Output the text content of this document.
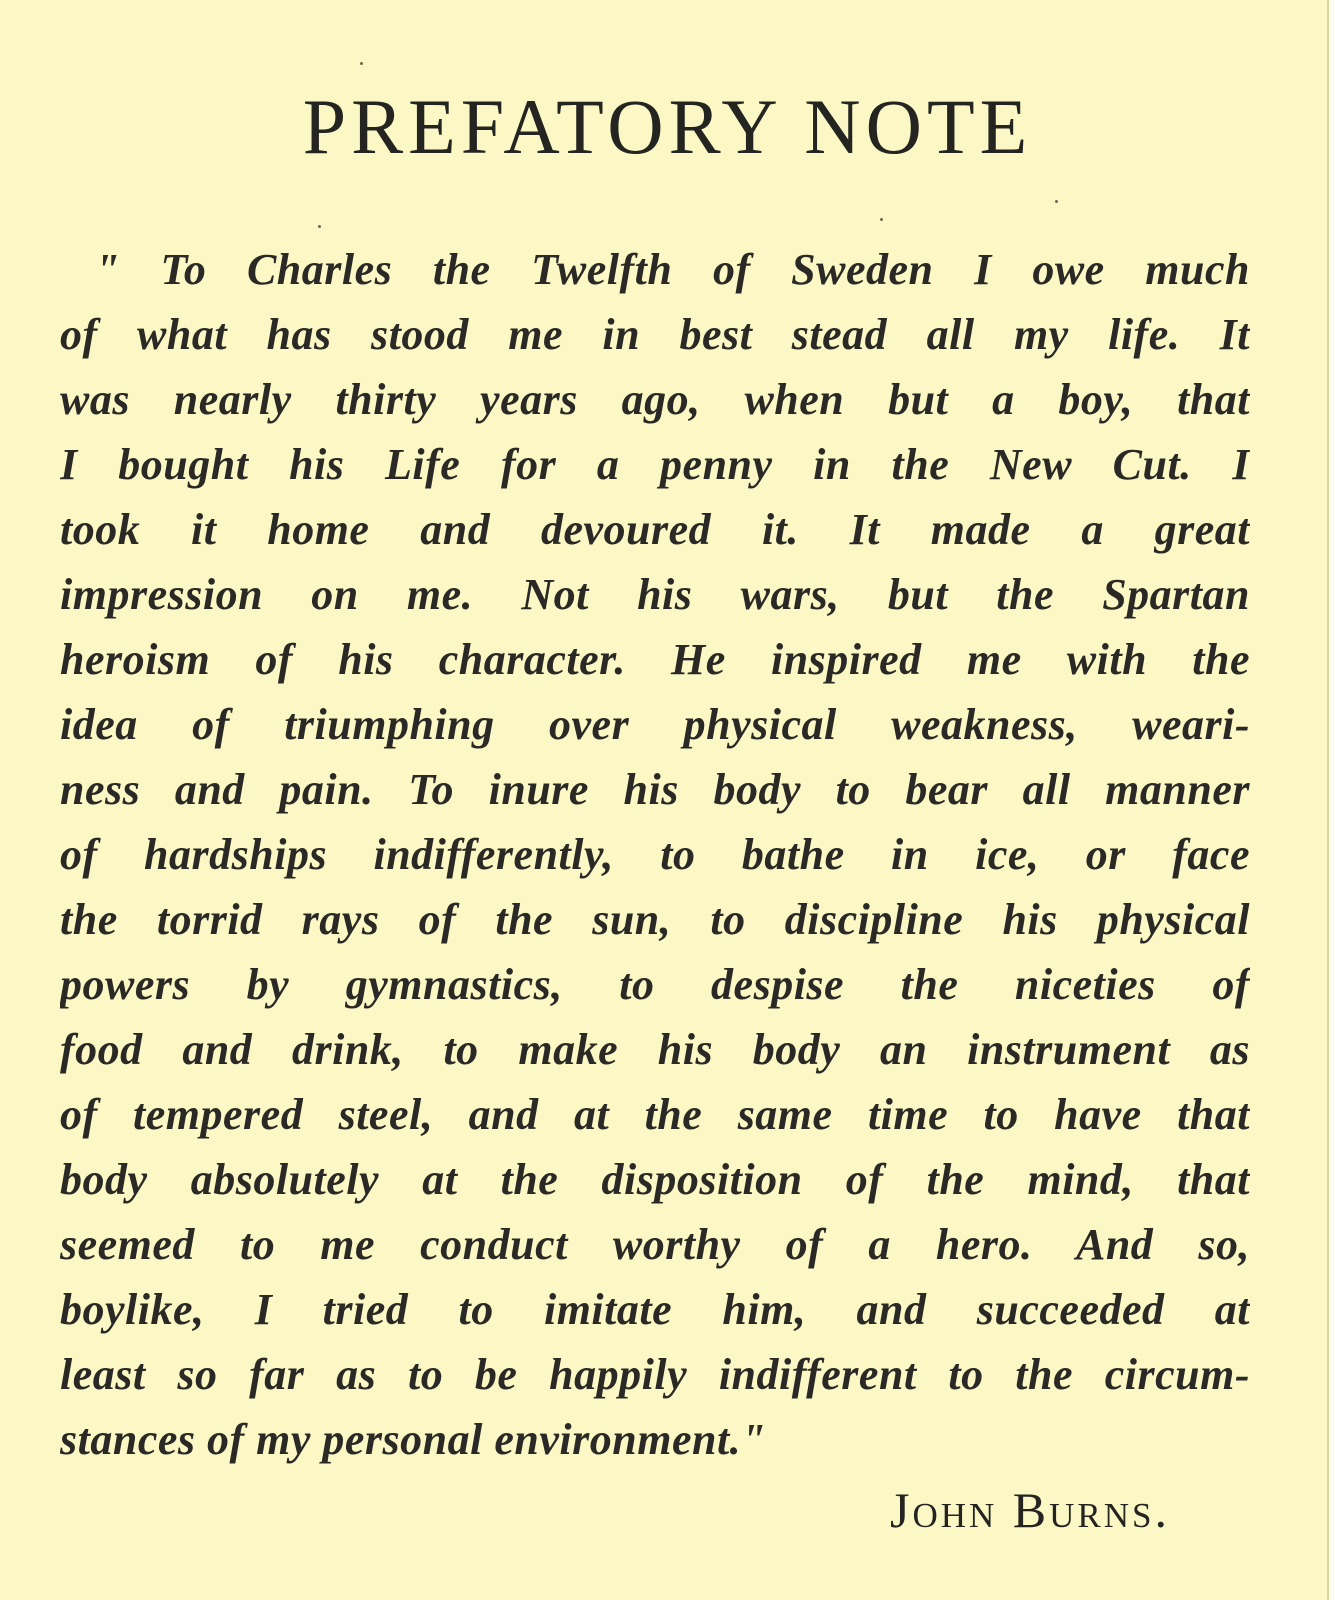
PREFATORY NOTE
" To Charles the Twelfth of Sweden I owe much
of what has stood me in best stead all my life. It
was nearly thirty years ago, when but a boy, that
I bought his Life for a penny in the New Cut. I
took it home and devoured it. It made a great
impression on me. Not his wars, but the Spartan
heroism of his character. He inspired me with the
idea of triumphing over physical weakness, weari-
ness and pain. To inure his body to bear all manner
of hardships indifferently, to bathe in ice, or face
the torrid rays of the sun, to discipline his physical
powers by gymnastics, to despise the niceties of
food and drink, to make his body an instrument as
of tempered steel, and at the same time to have that
body absolutely at the disposition of the mind, that
seemed to me conduct worthy of a hero. And so,
boylike, I tried to imitate him, and succeeded at
least so far as to be happily indifferent to the circum-
stances of my personal environment."
John Burns.
